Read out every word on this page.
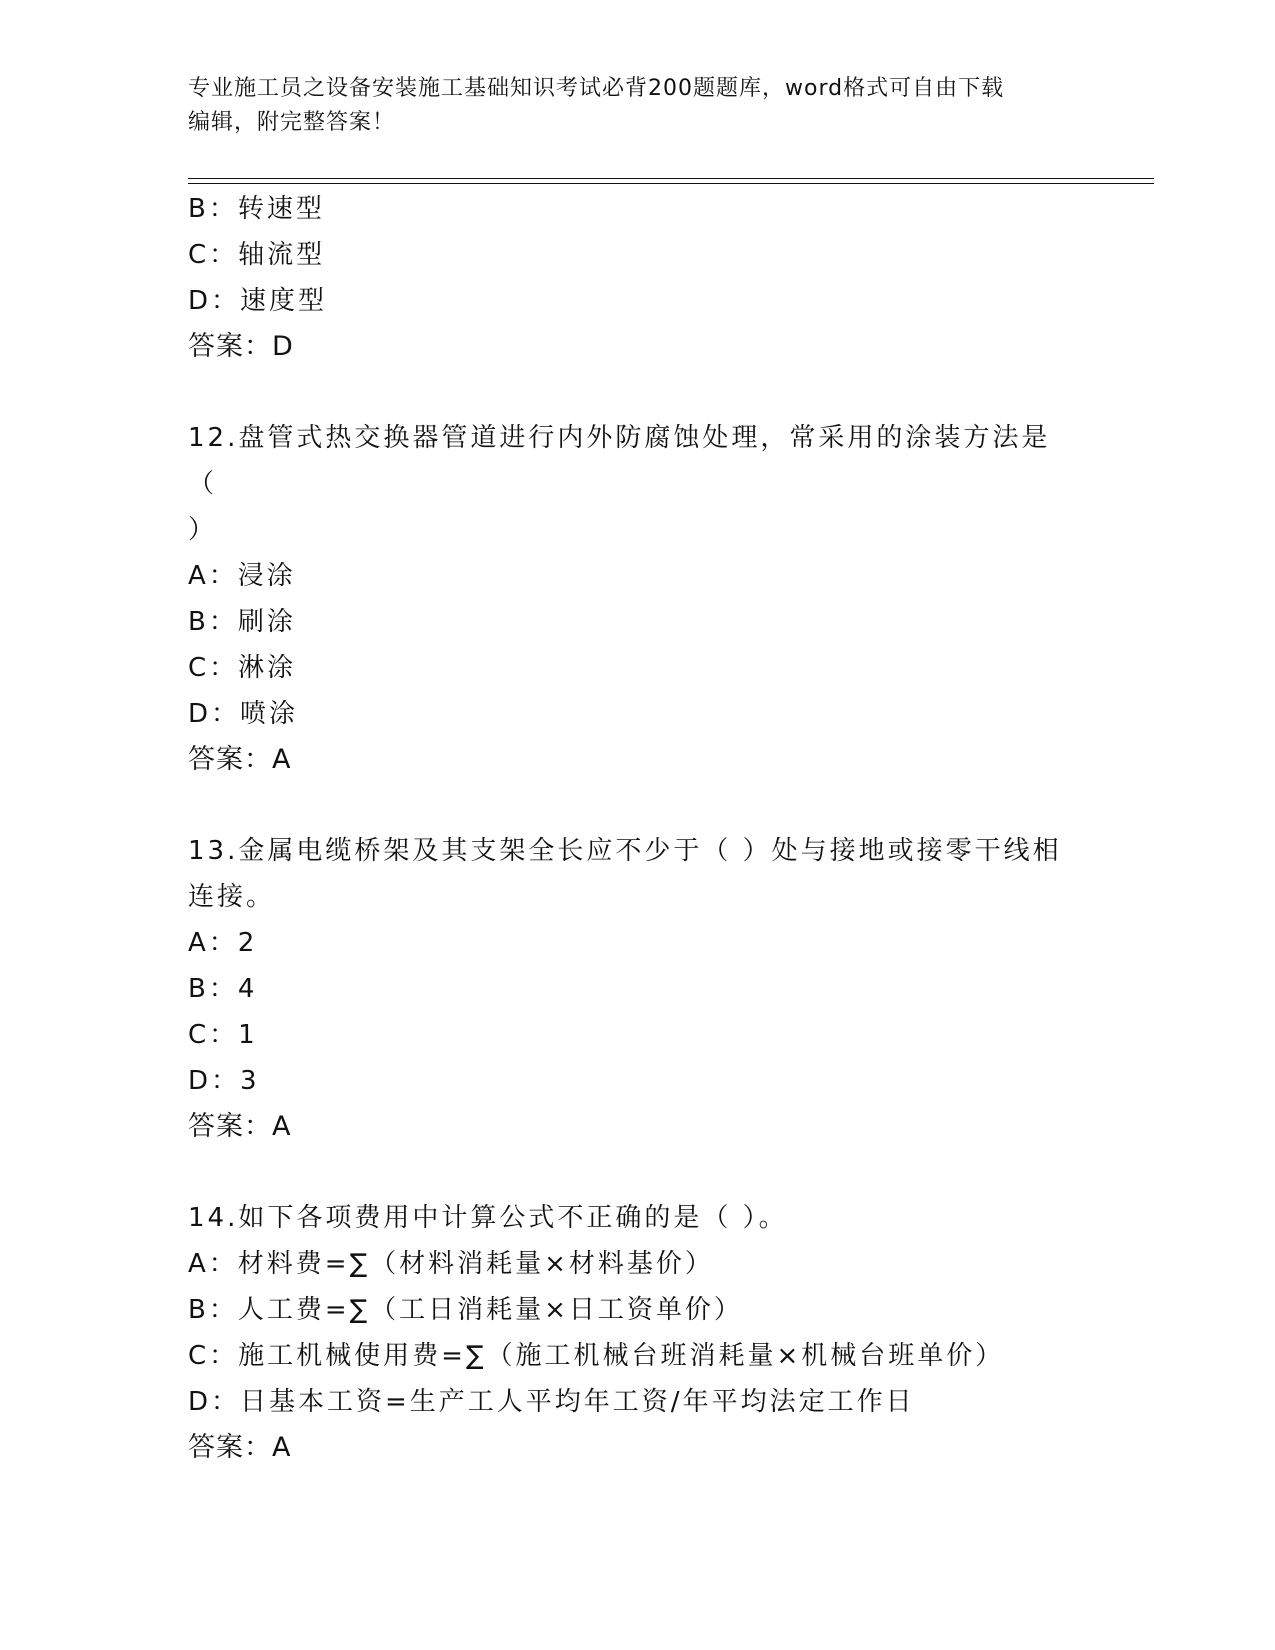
专业施工员之设备安装施工基础知识考试必背200题题库，word格式可自由下载
编辑，附完整答案！
B：转速型
C：轴流型
D：速度型
答案：D
12.盘管式热交换器管道进行内外防腐蚀处理，常采用的涂装方法是（
）
A：浸涂
B：刷涂
C：淋涂
D：喷涂
答案：A
13.金属电缆桥架及其支架全长应不少于（ ）处与接地或接零干线相
连接。
A：2
B：4
C：1
D：3
答案：A
14.如下各项费用中计算公式不正确的是（ ）。
A：材料费=∑（材料消耗量×材料基价）
B：人工费=∑（工日消耗量×日工资单价）
C：施工机械使用费=∑（施工机械台班消耗量×机械台班单价）
D：日基本工资=生产工人平均年工资/年平均法定工作日
答案：A
